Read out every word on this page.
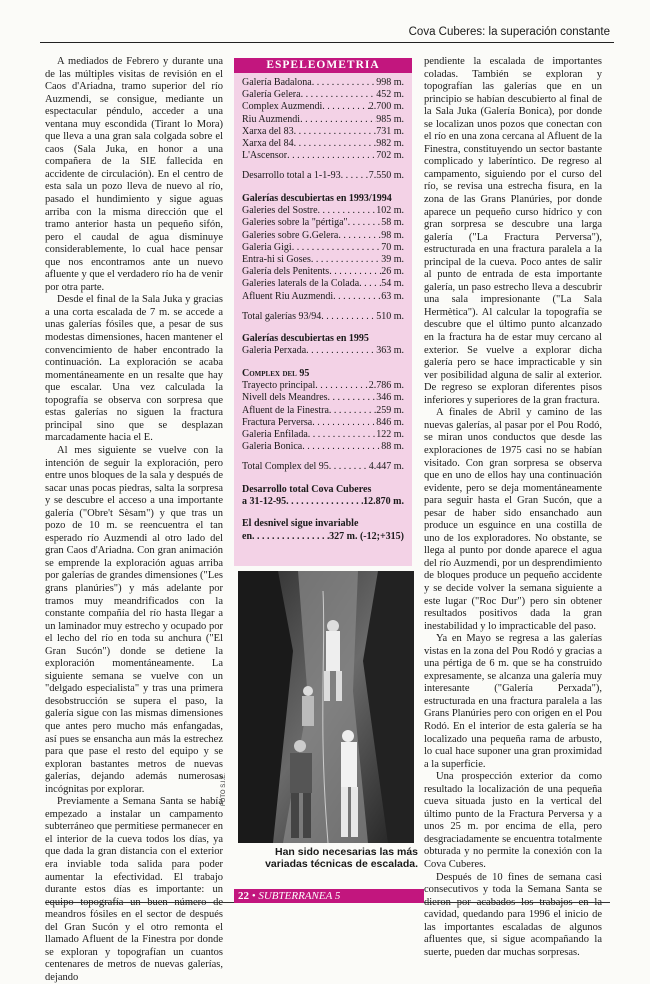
Cova Cuberes: la superación constante

A mediados de Febrero y durante una de las múltiples visitas de revisión en el Caos d'Ariadna, tramo superior del río Auzmendi, se consigue, mediante un espectacular péndulo, acceder a una ventana muy escondida (Tirant lo Mora) que lleva a una gran sala colgada sobre el caos (Sala Juka, en honor a una compañera de la SIE fallecida en accidente de circulación). En el centro de esta sala un pozo lleva de nuevo al río, pasado el hundimiento y sigue aguas arriba con la misma dirección que el tramo anterior hasta un pequeño sifón, pero el caudal de agua disminuye considerablemente, lo cual hace pensar que nos encontramos ante un nuevo afluente y que el verdadero río ha de venir por otra parte.

Desde el final de la Sala Juka y gracias a una corta escalada de 7 m. se accede a unas galerías fósiles que, a pesar de sus modestas dimensiones, hacen mantener el convencimiento de haber encontrado la continuación. La exploración se acaba momentáneamente en un resalte que hay que escalar. Una vez calculada la topografía se observa con sorpresa que estas galerías no siguen la fractura principal sino que se desplazan marcadamente hacia el E.

Al mes siguiente se vuelve con la intención de seguir la exploración, pero entre unos bloques de la sala y después de sacar unas pocas piedras, salta la sorpresa y se descubre el acceso a una importante galería ("Obre't Sèsam") y que tras un pozo de 10 m. se reencuentra el tan esperado río Auzmendi al otro lado del gran Caos d'Ariadna. Con gran animación se emprende la exploración aguas arriba por galerías de grandes dimensiones ("Les grans planúries") y más adelante por tramos muy meandrificados con la constante compañía del río hasta llegar a un laminador muy estrecho y ocupado por el lecho del río en toda su anchura ("El Gran Sucón") donde se detiene la exploración momentáneamente. La siguiente semana se vuelve con un "delgado especialista" y tras una primera desobstrucción se supera el paso, la galería sigue con las mismas dimensiones que antes pero mucho más enfangadas, así pues se ensancha aun más la estrechez para que pase el resto del equipo y se exploran bastantes metros de nuevas galerías, dejando además numerosas incógnitas por explorar.

Previamente a Semana Santa se había empezado a instalar un campamento subterráneo que permitiese permanecer en el interior de la cueva todos los días, ya que dada la gran distancia con el exterior era inviable toda salida para poder aumentar la efectividad. El trabajo durante estos días es importante: un equipo topografía un buen número de meandros fósiles en el sector de después del Gran Sucón y el otro remonta el llamado Afluent de la Finestra por donde se exploran y topografían un cuantos centenares de metros de nuevas galerías, dejando

ESPELEOMETRIA
Galería Badalona . . .	998 m.
Galería Gelera . . .	452 m.
Complex Auzmendi . . .	2.700 m.
Riu Auzmendi . . .	985 m.
Xarxa del 83 . . .	731 m.
Xarxa del 84 . . .	982 m.
L'Ascensor . . .	702 m.
Desarrollo total a 1-1-93 . . .	7.550 m.
Galerías descubiertas en 1993/1994
Galeries del Sostre . . .	102 m.
Galeries sobre la "pértiga" . . .	58 m.
Galeries sobre G.Gelera . . .	98 m.
Galeria Gigi . . .	70 m.
Entra-hi si Goses . . .	39 m.
Galería dels Penitents . . .	26 m.
Galeries laterals de la Colada . . . 54 m.
Afluent Riu Auzmendi . . .	63 m.
Total galerías 93/94 . . .	510 m.
Galerías descubiertas en 1995
Galeria Perxada . . .	363 m.
Complex del 95
Trayecto principal . . .	2.786 m.
Nivell dels Meandres . . .	346 m.
Afluent de la Finestra . . .	259 m.
Fractura Perversa . . .	846 m.
Galeria Enfilada . . .	122 m.
Galeria Bonica . . .	88 m.
Total Complex del 95 . . .	4.447 m.
Desarrollo total Cova Cuberes
a 31-12-95 . . .	12.870 m.
El desnivel sigue invariable
en . . .	327 m. (-12;+315)
FOTO S.I.E.
Han sido necesarias las más variadas técnicas de escalada.

pendiente la escalada de importantes coladas. También se exploran y topografían las galerías que en un principio se habían descubierto al final de la Sala Juka (Galería Bonica), por donde se localizan unos pozos que conectan con el río en una zona cercana al Afluent de la Finestra, constituyendo un sector bastante complicado y laberíntico. De regreso al campamento, siguiendo por el curso del río, se revisa una estrecha fisura, en la zona de las Grans Planúries, por donde aparece un pequeño curso hídrico y con gran sorpresa se descubre una larga galería ("La Fractura Perversa"), estructurada en una fractura paralela a la principal de la cueva. Poco antes de salir al punto de entrada de esta importante galería, un paso estrecho lleva a descubrir una sala impresionante ("La Sala Hermètica"). Al calcular la topografía se descubre que el último punto alcanzado en la fractura ha de estar muy cercano al exterior. Se vuelve a explorar dicha galería pero se hace impracticable y sin ver posibilidad alguna de salir al exterior. De regreso se exploran diferentes pisos inferiores y superiores de la gran fractura.

A finales de Abril y camino de las nuevas galerías, al pasar por el Pou Rodó, se miran unos conductos que desde las exploraciones de 1975 casi no se habían visitado. Con gran sorpresa se observa que en uno de ellos hay una continuación evidente, pero se deja momentáneamente para seguir hasta el Gran Sucón, que a pesar de haber sido ensanchado aun produce un esguince en una costilla de uno de los exploradores. No obstante, se llega al punto por donde aparece el agua del río Auzmendi, por un desprendimiento de bloques produce un pequeño accidente y se decide volver la semana siguiente a este lugar ("Roc Dur") pero sin obtener resultados positivos dada la gran inestabilidad y lo impracticable del paso.

Ya en Mayo se regresa a las galerías vistas en la zona del Pou Rodó y gracias a una pértiga de 6 m. que se ha construido expresamente, se alcanza una galería muy interesante ("Galería Perxada"), estructurada en una fractura paralela a las Grans Planúries pero con origen en el Pou Rodó. En el interior de esta galería se ha localizado una pequeña rama de arbusto, lo cual hace suponer una gran proximidad a la superficie.

Una prospección exterior da como resultado la localización de una pequeña cueva situada justo en la vertical del último punto de la Fractura Perversa y a unos 25 m. por encima de ella, pero desgraciadamente se encuentra totalmente obturada y no permite la conexión con la Cova Cuberes.

Después de 10 fines de semana casi consecutivos y toda la Semana Santa se dieron por acabados los trabajos en la cavidad, quedando para 1996 el inicio de las importantes escaladas de algunos afluentes que, si sigue acompañando la suerte, pueden dar muchas sorpresas.

22 • SUBTERRANEA 5
